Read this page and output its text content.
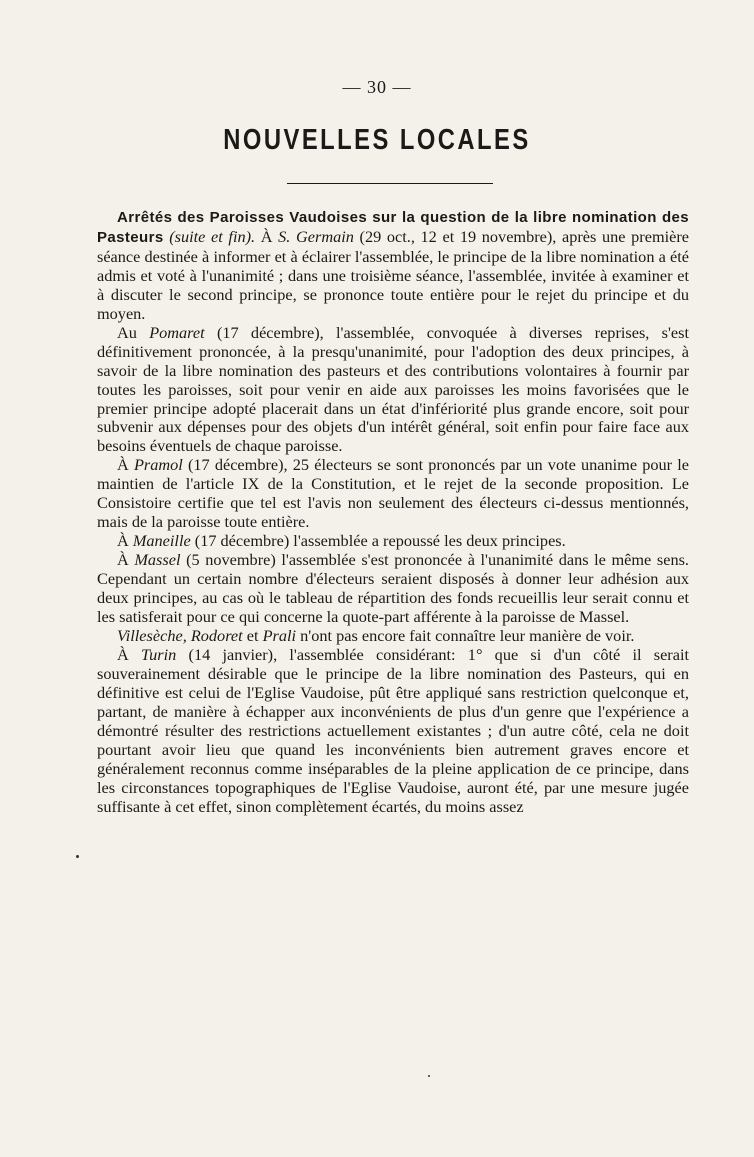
— 30 —
NOUVELLES LOCALES

Arrêtés des Paroisses Vaudoises sur la question de la libre nomination des Pasteurs (suite et fin). À S. Germain (29 oct., 12 et 19 novembre), après une première séance destinée à informer et à éclairer l'assemblée, le principe de la libre nomination a été admis et voté à l'unanimité ; dans une troisième séance, l'assemblée, invitée à examiner et à discuter le second principe, se prononce toute entière pour le rejet du principe et du moyen.

Au Pomaret (17 décembre), l'assemblée, convoquée à diverses reprises, s'est définitivement prononcée, à la presqu'unanimité, pour l'adoption des deux principes, à savoir de la libre nomination des pasteurs et des contributions volontaires à fournir par toutes les paroisses, soit pour venir en aide aux paroisses les moins favorisées que le premier principe adopté placerait dans un état d'infériorité plus grande encore, soit pour subvenir aux dépenses pour des objets d'un intérêt général, soit enfin pour faire face aux besoins éventuels de chaque paroisse.

À Pramol (17 décembre), 25 électeurs se sont prononcés par un vote unanime pour le maintien de l'article IX de la Constitution, et le rejet de la seconde proposition. Le Consistoire certifie que tel est l'avis non seulement des électeurs ci-dessus mentionnés, mais de la paroisse toute entière.

À Maneille (17 décembre) l'assemblée a repoussé les deux principes.

À Massel (5 novembre) l'assemblée s'est prononcée à l'unanimité dans le même sens. Cependant un certain nombre d'électeurs seraient disposés à donner leur adhésion aux deux principes, au cas où le tableau de répartition des fonds recueillis leur serait connu et les satisferait pour ce qui concerne la quote-part afférente à la paroisse de Massel.

Villesèche, Rodoret et Prali n'ont pas encore fait connaître leur manière de voir.

À Turin (14 janvier), l'assemblée considérant: 1° que si d'un côté il serait souverainement désirable que le principe de la libre nomination des Pasteurs, qui en définitive est celui de l'Eglise Vaudoise, pût être appliqué sans restriction quelconque et, partant, de manière à échapper aux inconvénients de plus d'un genre que l'expérience a démontré résulter des restrictions actuellement existantes ; d'un autre côté, cela ne doit pourtant avoir lieu que quand les inconvénients bien autrement graves encore et généralement reconnus comme inséparables de la pleine application de ce principe, dans les circonstances topographiques de l'Eglise Vaudoise, auront été, par une mesure jugée suffisante à cet effet, sinon complètement écartés, du moins assez
